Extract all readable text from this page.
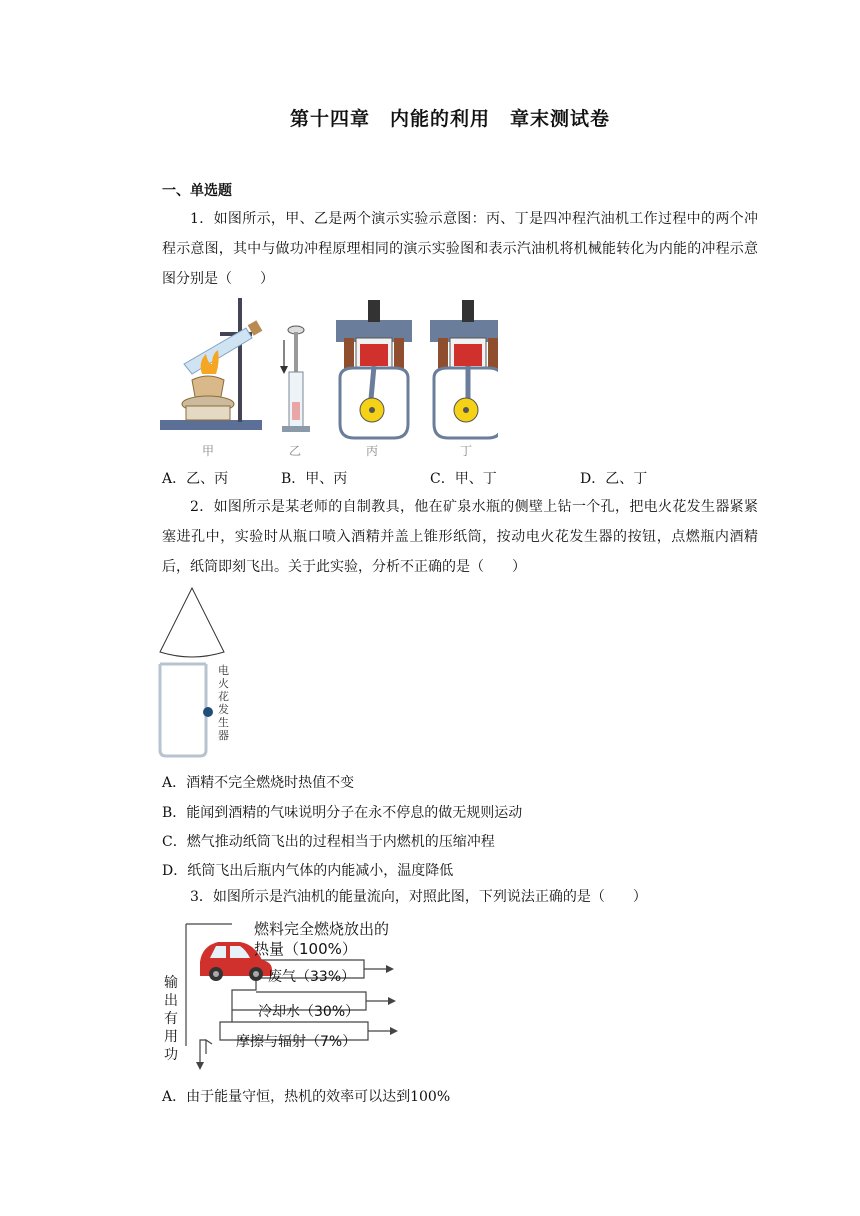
第十四章　内能的利用　章末测试卷
一、单选题
1．如图所示，甲、乙是两个演示实验示意图：丙、丁是四冲程汽油机工作过程中的两个冲程示意图，其中与做功冲程原理相同的演示实验图和表示汽油机将机械能转化为内能的冲程示意图分别是（　　）
甲	乙	丙	丁
A．乙、丙	B．甲、丙	C．甲、丁	D．乙、丁
2．如图所示是某老师的自制教具，他在矿泉水瓶的侧壁上钻一个孔，把电火花发生器紧紧塞进孔中，实验时从瓶口喷入酒精并盖上锥形纸筒，按动电火花发生器的按钮，点燃瓶内酒精后，纸筒即刻飞出。关于此实验，分析不正确的是（　　）
电
火
花
发
生
器
A．酒精不完全燃烧时热值不变
B．能闻到酒精的气味说明分子在永不停息的做无规则运动
C．燃气推动纸筒飞出的过程相当于内燃机的压缩冲程
D．纸筒飞出后瓶内气体的内能减小，温度降低
3．如图所示是汽油机的能量流向，对照此图，下列说法正确的是（　　）
燃料完全燃烧放出的
热量（100%）
废气（33%）
冷却水（30%）
摩擦与辐射（7%）
输
出
有
用
功
A．由于能量守恒，热机的效率可以达到100%
